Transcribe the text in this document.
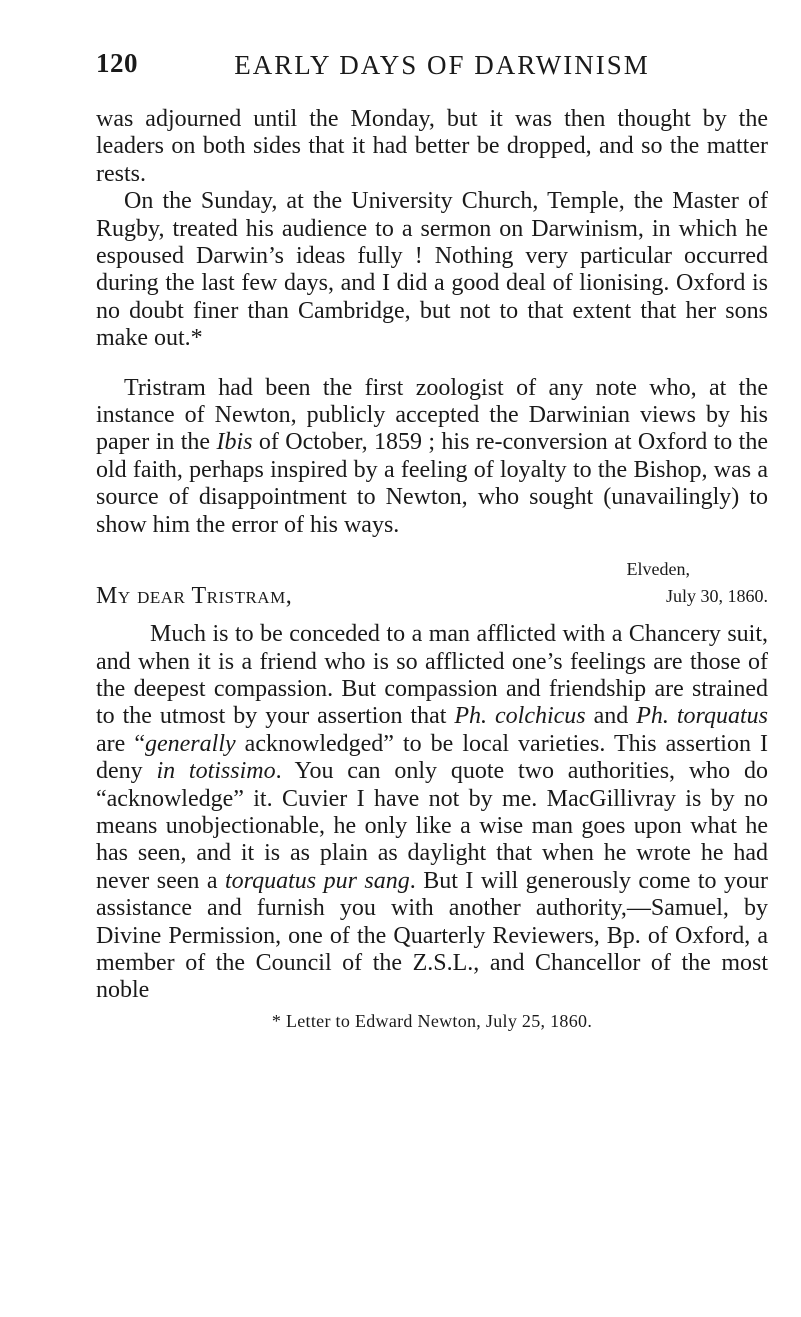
120	EARLY DAYS OF DARWINISM

was adjourned until the Monday, but it was then thought by the leaders on both sides that it had better be dropped, and so the matter rests.

On the Sunday, at the University Church, Temple, the Master of Rugby, treated his audience to a sermon on Darwinism, in which he espoused Darwin’s ideas fully ! Nothing very particular occurred during the last few days, and I did a good deal of lionising. Oxford is no doubt finer than Cambridge, but not to that extent that her sons make out.*

Tristram had been the first zoologist of any note who, at the instance of Newton, publicly accepted the Darwinian views by his paper in the Ibis of October, 1859 ; his re-conversion at Oxford to the old faith, perhaps inspired by a feeling of loyalty to the Bishop, was a source of disappointment to Newton, who sought (unavailingly) to show him the error of his ways.

Elveden,
July 30, 1860.
My dear Tristram,

Much is to be conceded to a man afflicted with a Chancery suit, and when it is a friend who is so afflicted one’s feelings are those of the deepest compassion. But compassion and friendship are strained to the utmost by your assertion that Ph. colchicus and Ph. torquatus are “generally acknowledged” to be local varieties. This assertion I deny in totissimo. You can only quote two authorities, who do “acknowledge” it. Cuvier I have not by me. MacGillivray is by no means unobjectionable, he only like a wise man goes upon what he has seen, and it is as plain as daylight that when he wrote he had never seen a torquatus pur sang. But I will generously come to your assistance and furnish you with another authority,—Samuel, by Divine Permission, one of the Quarterly Reviewers, Bp. of Oxford, a member of the Council of the Z.S.L., and Chancellor of the most noble

* Letter to Edward Newton, July 25, 1860.
